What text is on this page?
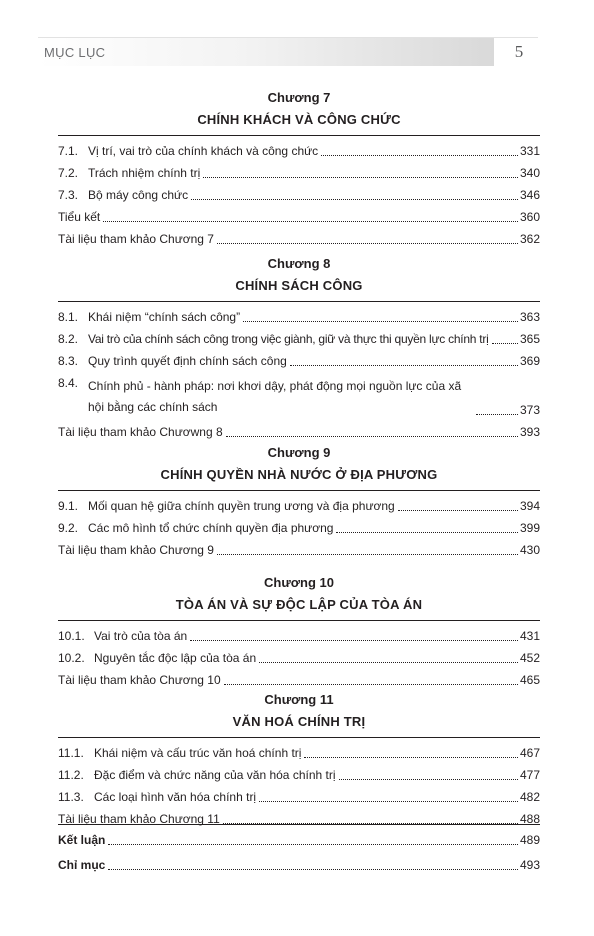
MỤC LỤC	5
Chương 7
CHÍNH KHÁCH VÀ CÔNG CHỨC
7.1. Vị trí, vai trò của chính khách và công chức	331
7.2. Trách nhiệm chính trị	340
7.3. Bộ máy công chức	346
Tiểu kết	360
Tài liệu tham khảo Chương 7	362
Chương 8
CHÍNH SÁCH CÔNG
8.1. Khái niệm “chính sách công”	363
8.2. Vai trò của chính sách công trong việc giành, giữ và thực thi quyền lực chính trị	365
8.3. Quy trình quyết định chính sách công	369
8.4. Chính phủ - hành pháp: nơi khơi dậy, phát động mọi nguồn lực của xã hội bằng các chính sách	373
Tài liệu tham khảo Chươwng 8	393
Chương 9
CHÍNH QUYỀN NHÀ NƯỚC Ở ĐỊA PHƯƠNG
9.1. Mối quan hệ giữa chính quyền trung ương và địa phương	394
9.2. Các mô hình tổ chức chính quyền địa phương	399
Tài liệu tham khảo Chương 9	430
Chương 10
TÒA ÁN VÀ SỰ ĐỘC LẬP CỦA TÒA ÁN
10.1. Vai trò của tòa án	431
10.2. Nguyên tắc độc lập của tòa án	452
Tài liệu tham khảo Chương 10	465
Chương 11
VĂN HOÁ CHÍNH TRỊ
11.1. Khái niệm và cấu trúc văn hoá chính trị	467
11.2. Đặc điểm và chức năng của văn hóa chính trị	477
11.3. Các loại hình văn hóa chính trị	482
Tài liệu tham khảo Chương 11	488
Kết luận	489
Chỉ mục	493
